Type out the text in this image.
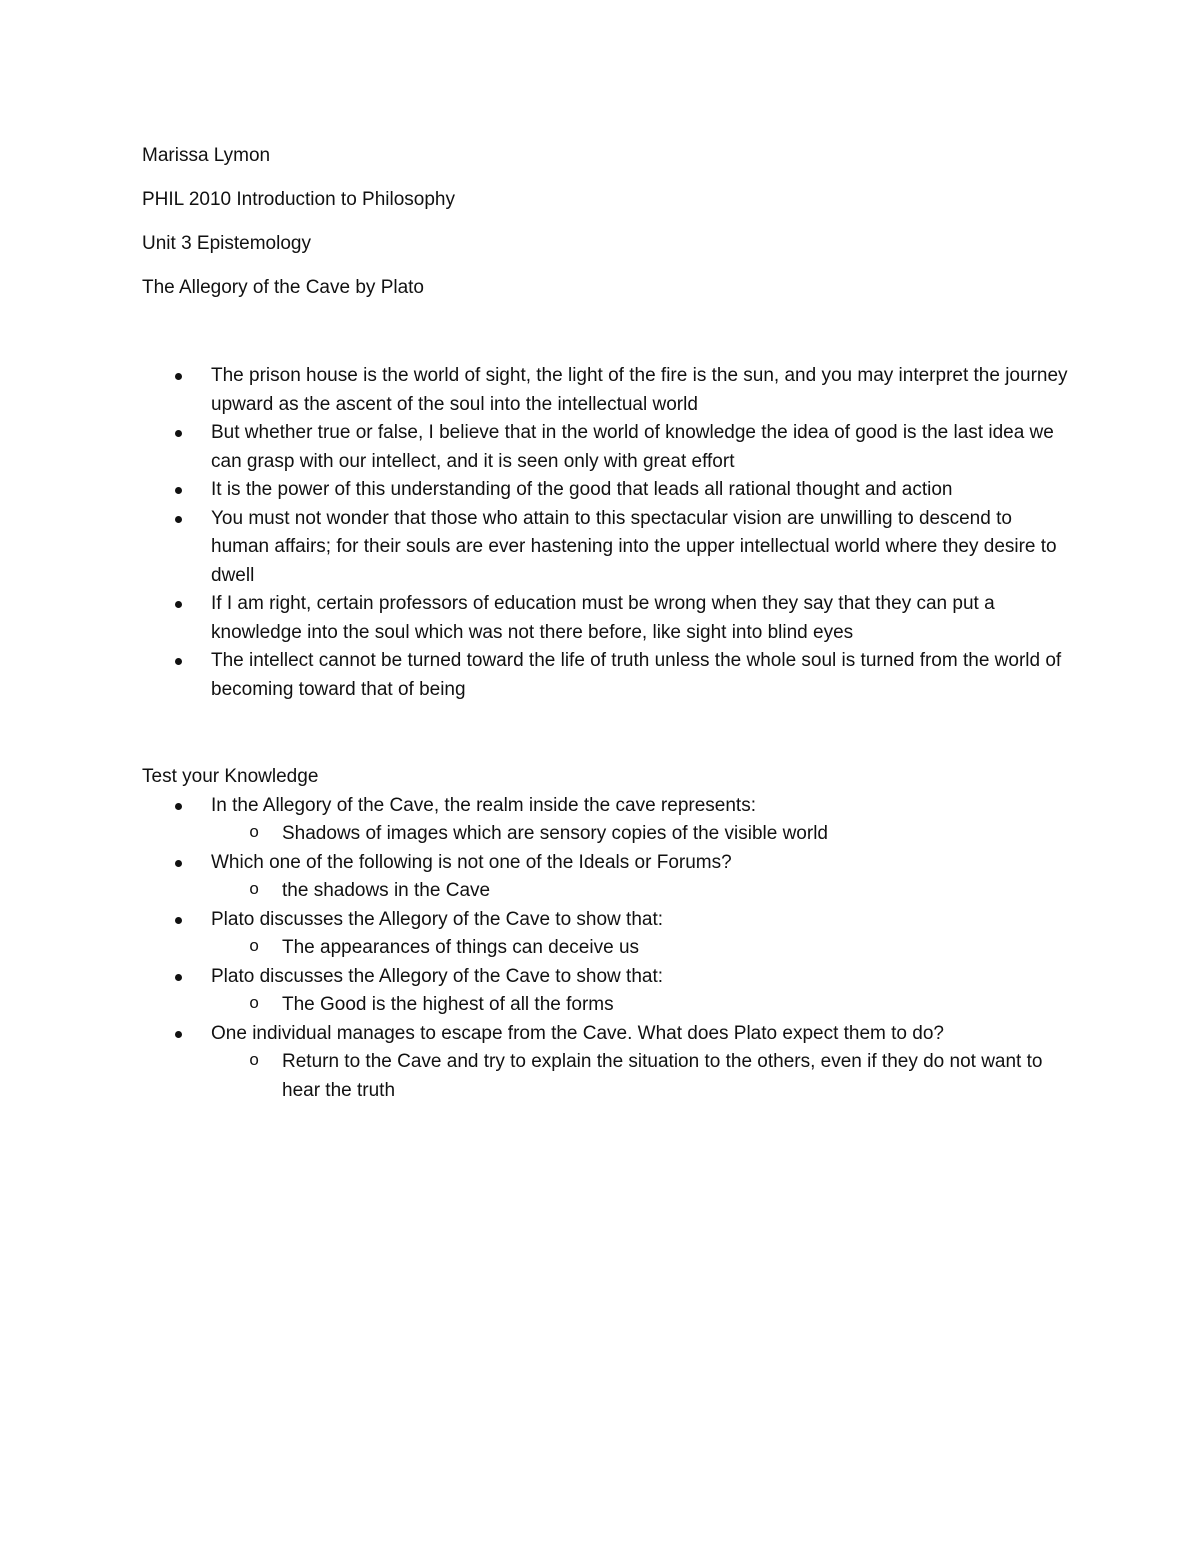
Marissa Lymon

PHIL 2010 Introduction to Philosophy

Unit 3 Epistemology

The Allegory of the Cave by Plato

The prison house is the world of sight, the light of the fire is the sun, and you may interpret the journey upward as the ascent of the soul into the intellectual world
But whether true or false, I believe that in the world of knowledge the idea of good is the last idea we can grasp with our intellect, and it is seen only with great effort
It is the power of this understanding of the good that leads all rational thought and action
You must not wonder that those who attain to this spectacular vision are unwilling to descend to human affairs; for their souls are ever hastening into the upper intellectual world where they desire to dwell
If I am right, certain professors of education must be wrong when they say that they can put a knowledge into the soul which was not there before, like sight into blind eyes
The intellect cannot be turned toward the life of truth unless the whole soul is turned from the world of becoming toward that of being

Test your Knowledge

In the Allegory of the Cave, the realm inside the cave represents:
o Shadows of images which are sensory copies of the visible world
Which one of the following is not one of the Ideals or Forums?
o the shadows in the Cave
Plato discusses the Allegory of the Cave to show that:
o The appearances of things can deceive us
Plato discusses the Allegory of the Cave to show that:
o The Good is the highest of all the forms
One individual manages to escape from the Cave. What does Plato expect them to do?
o Return to the Cave and try to explain the situation to the others, even if they do not want to hear the truth
